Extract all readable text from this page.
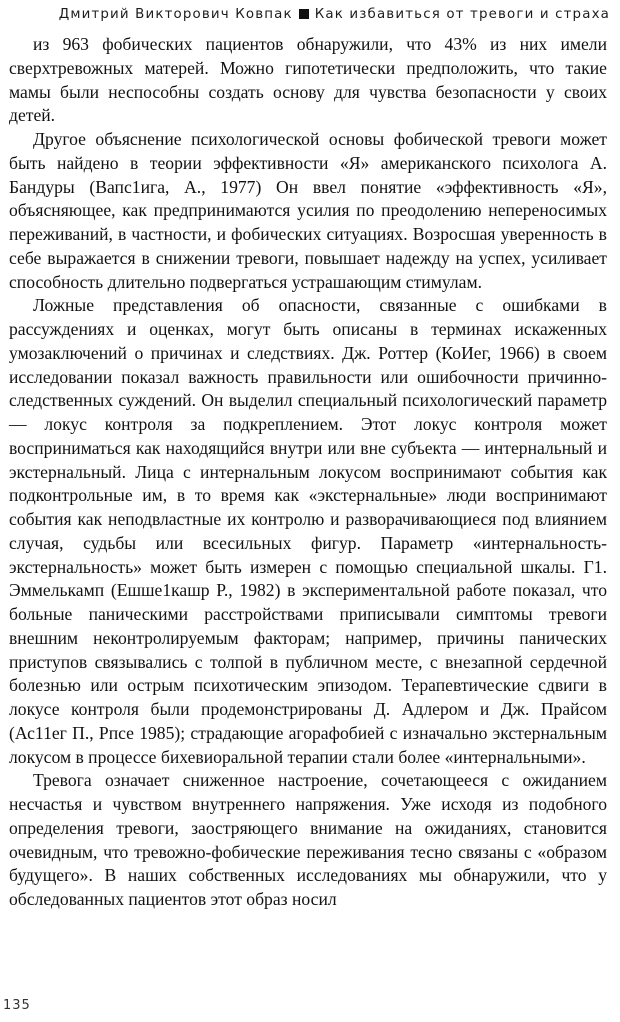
Дмитрий Викторович Ковпак Как избавиться от тревоги и страха

из 963 фобических пациентов обнаружили, что 43% из них имели сверхтревожных матерей. Можно гипотетически предположить, что такие мамы были неспособны создать основу для чувства безопасности у своих детей.

Другое объяснение психологической основы фобической тревоги может быть найдено в теории эффективности «Я» американского психолога А. Бандуры (Вапс1ига, А., 1977) Он ввел понятие «эффективность «Я», объясняющее, как предпринимаются усилия по преодолению непереносимых переживаний, в частности, и фобических ситуациях. Возросшая уверенность в себе выражается в снижении тревоги, повышает надежду на успех, усиливает способность длительно подвергаться устрашающим стимулам.

Ложные представления об опасности, связанные с ошибками в рассуждениях и оценках, могут быть описаны в терминах искаженных умозаключений о причинах и следствиях. Дж. Роттер (КоИег, 1966) в своем исследовании показал важность правильности или ошибочности причинно-следственных суждений. Он выделил специальный психологический параметр — локус контроля за подкреплением. Этот локус контроля может восприниматься как находящийся внутри или вне субъекта — интернальный и экстернальный. Лица с интернальным локусом воспринимают события как подконтрольные им, в то время как «экстернальные» люди воспринимают события как неподвластные их контролю и разворачивающиеся под влиянием случая, судьбы или всесильных фигур. Параметр «интернальность-экстернальность» может быть измерен с помощью специальной шкалы. Г1. Эммелькамп (Ешше1кашр Р., 1982) в экспериментальной работе показал, что больные паническими расстройствами приписывали симптомы тревоги внешним неконтролируемым факторам; например, причины панических приступов связывались с толпой в публичном месте, с внезапной сердечной болезнью или острым психотическим эпизодом. Терапевтические сдвиги в локусе контроля были продемонстрированы Д. Адлером и Дж. Прайсом (Ас11ег П., Рпсе 1985); страдающие агорафобией с изначально экстернальным локусом в процессе бихевиоральной терапии стали более «интернальными».

Тревога означает сниженное настроение, сочетающееся с ожиданием несчастья и чувством внутреннего напряжения. Уже исходя из подобного определения тревоги, заостряющего внимание на ожиданиях, становится очевидным, что тревожно-фобические переживания тесно связаны с «образом будущего». В наших собственных исследованиях мы обнаружили, что у обследованных пациентов этот образ носил

135
